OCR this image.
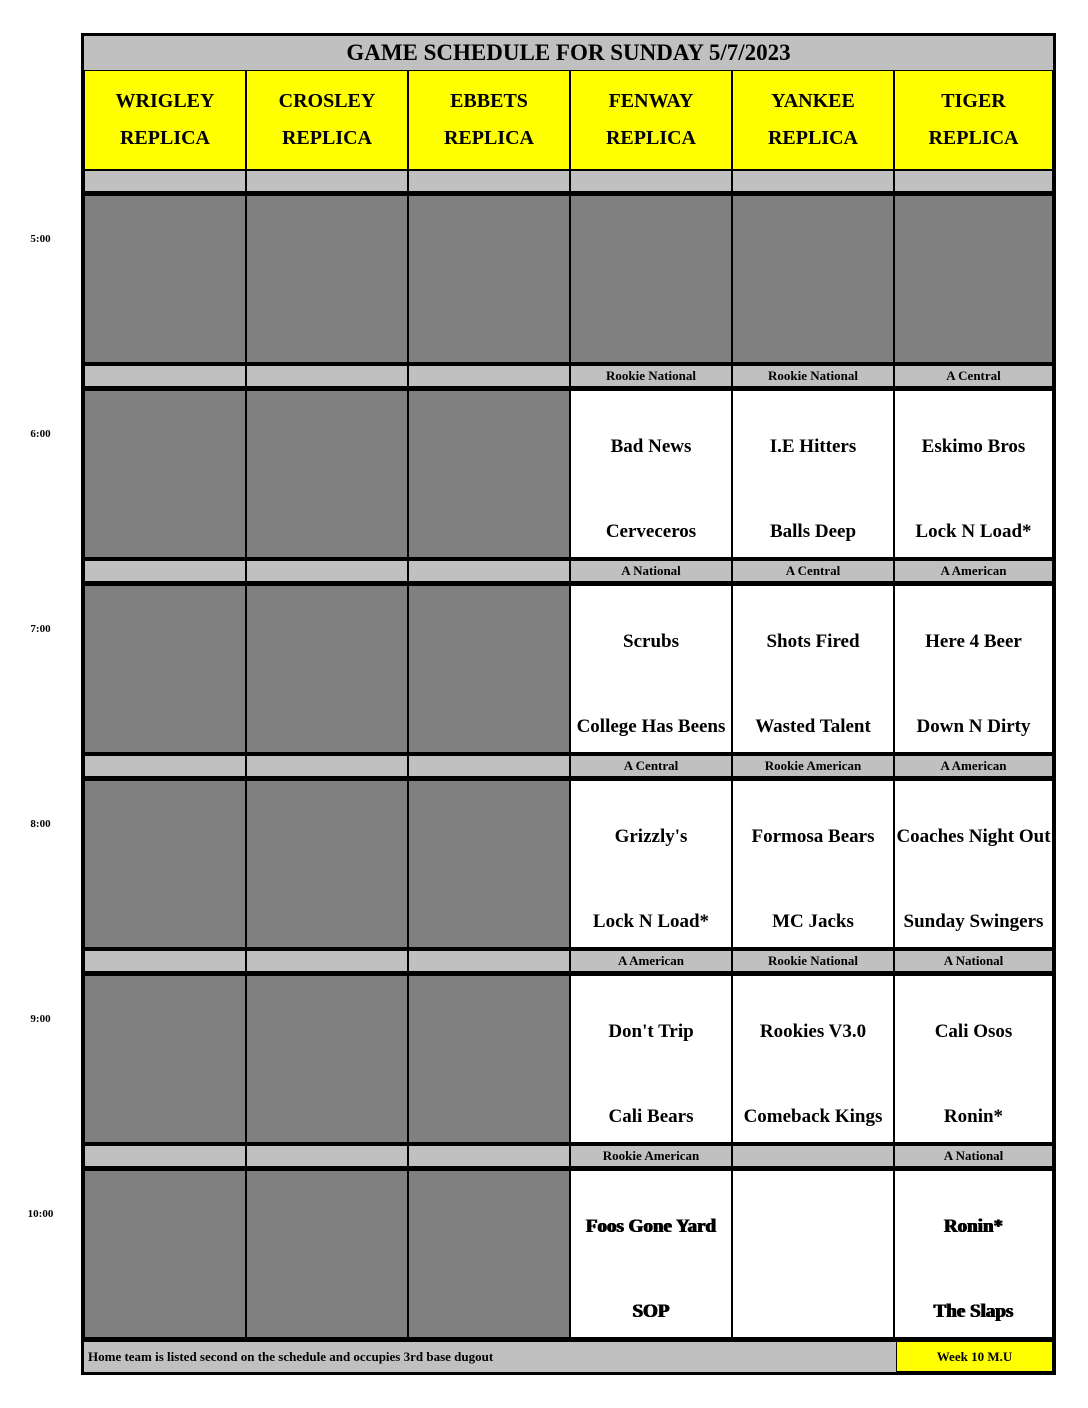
GAME SCHEDULE FOR SUNDAY 5/7/2023
WRIGLEY
REPLICA
CROSLEY
REPLICA
EBBETS
REPLICA
FENWAY
REPLICA
YANKEE
REPLICA
TIGER
REPLICA
Rookie National
Bad News
Cerveceros
Rookie National
I.E Hitters
Balls Deep
A Central
Eskimo Bros
Lock N Load*
A National
Scrubs
College Has Beens
A Central
Shots Fired
Wasted Talent
A American
Here 4 Beer
Down N Dirty
A Central
Grizzly's
Lock N Load*
Rookie American
Formosa Bears
MC Jacks
A American
Coaches Night Out
Sunday Swingers
A American
Don't Trip
Cali Bears
Rookie National
Rookies V3.0
Comeback Kings
A National
Cali Osos
Ronin*
Rookie American
Foos Gone Yard
SOP
A National
Ronin*
The Slaps
Home team is listed second on the schedule and occupies 3rd base dugout	Week 10 M.U
5:00
6:00
7:00
8:00
9:00
10:00
